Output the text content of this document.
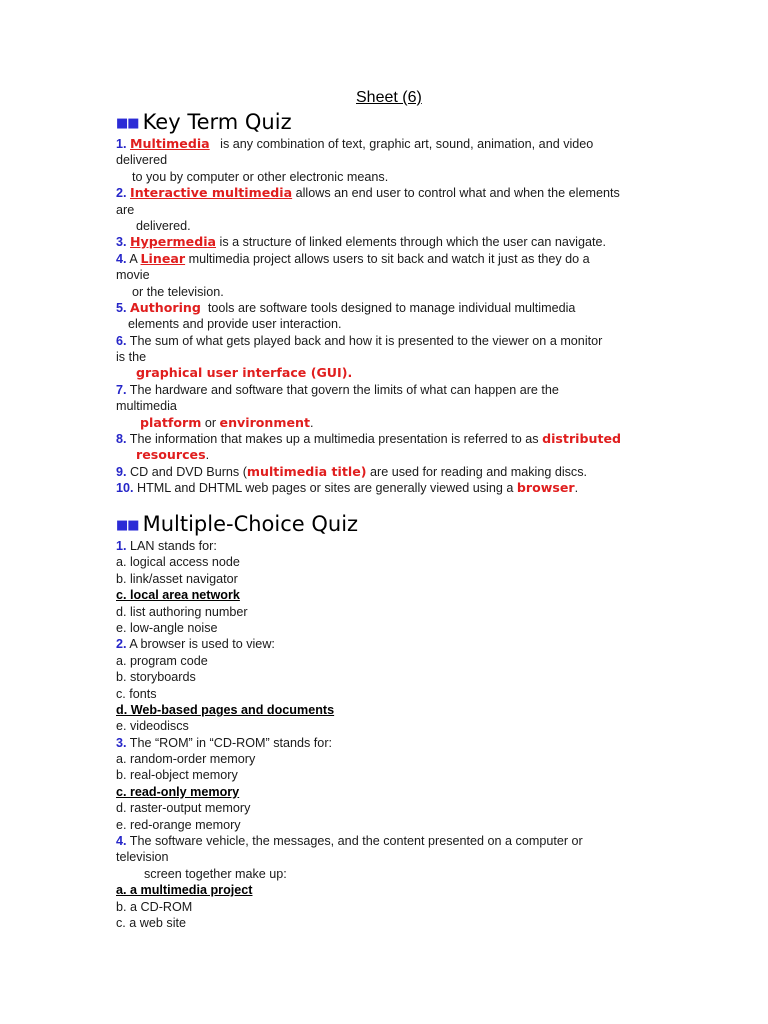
Sheet (6)
■■ Key Term Quiz
1. Multimedia   is any combination of text, graphic art, sound, animation, and video
delivered
to you by computer or other electronic means.
2. Interactive multimedia allows an end user to control what and when the elements
are
delivered.
3. Hypermedia is a structure of linked elements through which the user can navigate.
4. A Linear multimedia project allows users to sit back and watch it just as they do a
movie
or the television.
5. Authoring  tools are software tools designed to manage individual multimedia
elements and provide user interaction.
6. The sum of what gets played back and how it is presented to the viewer on a monitor
is the
graphical user interface (GUI).
7. The hardware and software that govern the limits of what can happen are the
multimedia
platform or environment.
8. The information that makes up a multimedia presentation is referred to as distributed
resources.
9. CD and DVD Burns (multimedia title) are used for reading and making discs.
10. HTML and DHTML web pages or sites are generally viewed using a browser.
■■ Multiple-Choice Quiz
1. LAN stands for:
a. logical access node
b. link/asset navigator
c. local area network
d. list authoring number
e. low-angle noise
2. A browser is used to view:
a. program code
b. storyboards
c. fonts
d. Web-based pages and documents
e. videodiscs
3. The “ROM” in “CD-ROM” stands for:
a. random-order memory
b. real-object memory
c. read-only memory
d. raster-output memory
e. red-orange memory
4. The software vehicle, the messages, and the content presented on a computer or
television
screen together make up:
a. a multimedia project
b. a CD-ROM
c. a web site
